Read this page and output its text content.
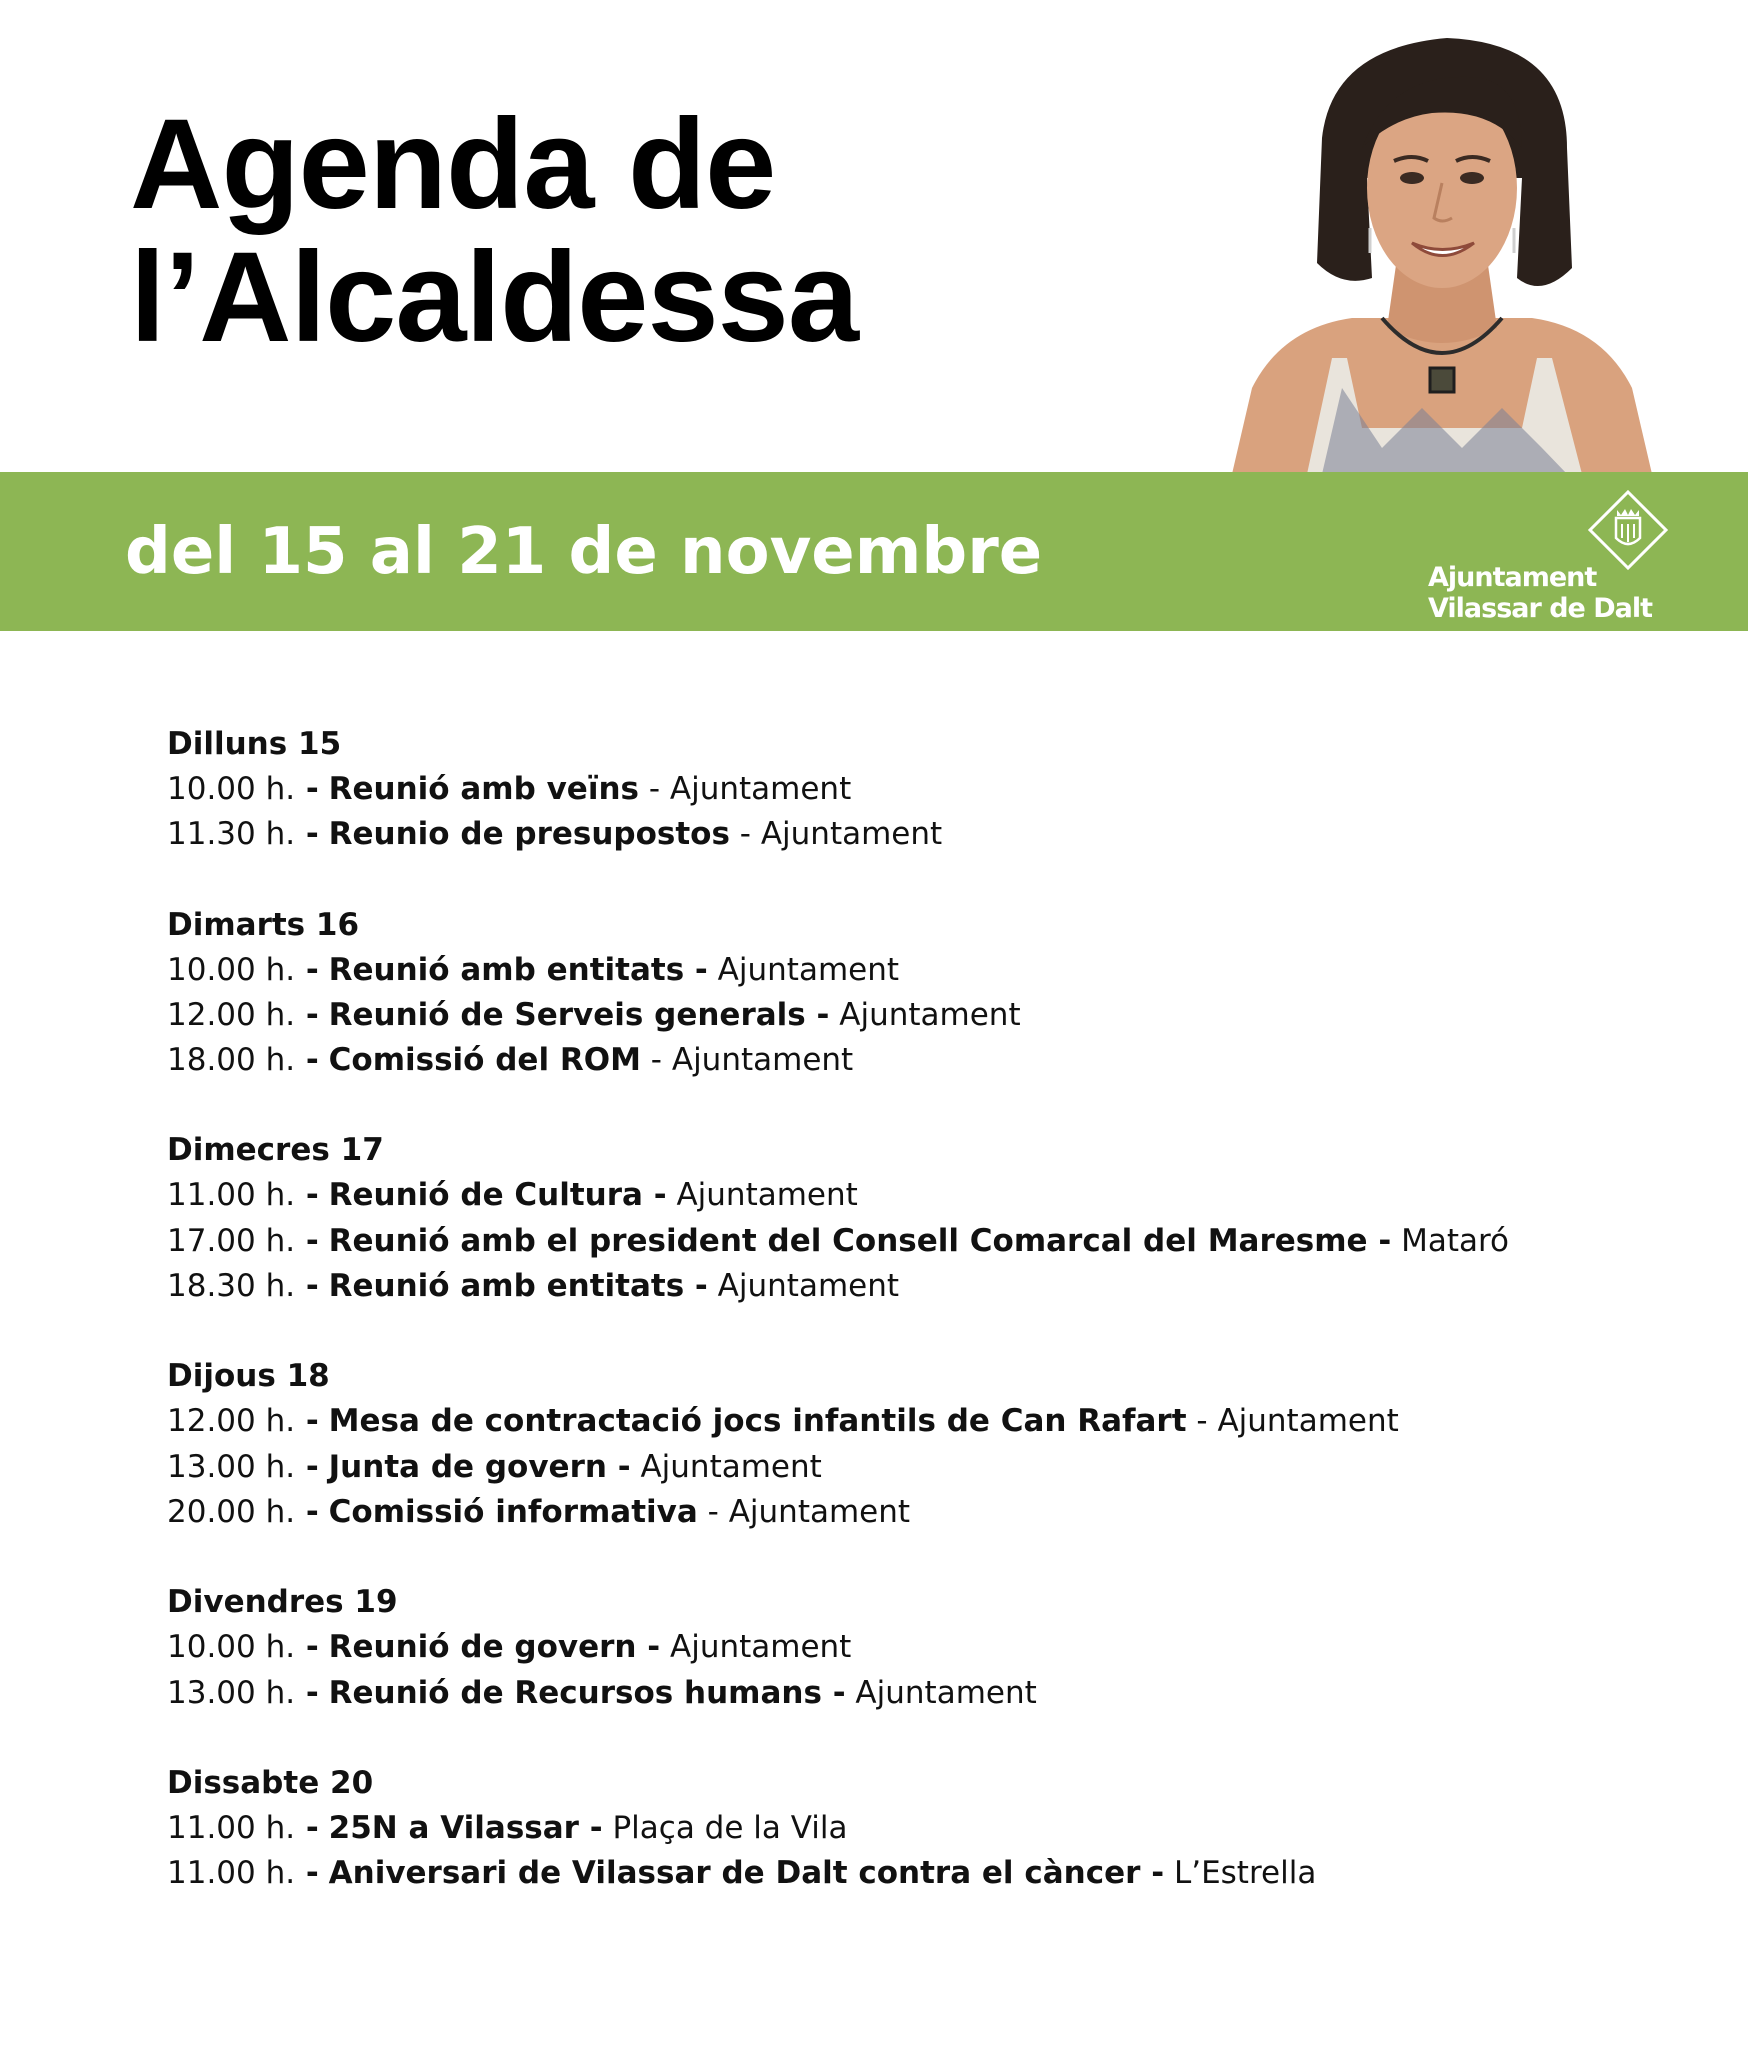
Agenda de
l’Alcaldessa
del 15 al 21 de novembre	Ajuntament
Vilassar de Dalt
Dilluns 15
10.00 h. - Reunió amb veïns - Ajuntament
11.30 h. - Reunio de presupostos - Ajuntament
Dimarts 16
10.00 h. - Reunió amb entitats - Ajuntament
12.00 h. - Reunió de Serveis generals - Ajuntament
18.00 h. - Comissió del ROM - Ajuntament
Dimecres 17
11.00 h. - Reunió de Cultura - Ajuntament
17.00 h. - Reunió amb el president del Consell Comarcal del Maresme - Mataró
18.30 h. - Reunió amb entitats - Ajuntament
Dijous 18
12.00 h. - Mesa de contractació jocs infantils de Can Rafart - Ajuntament
13.00 h. - Junta de govern - Ajuntament
20.00 h. - Comissió informativa - Ajuntament
Divendres 19
10.00 h. - Reunió de govern - Ajuntament
13.00 h. - Reunió de Recursos humans - Ajuntament
Dissabte 20
11.00 h. - 25N a Vilassar - Plaça de la Vila
11.00 h. - Aniversari de Vilassar de Dalt contra el càncer - L’Estrella
